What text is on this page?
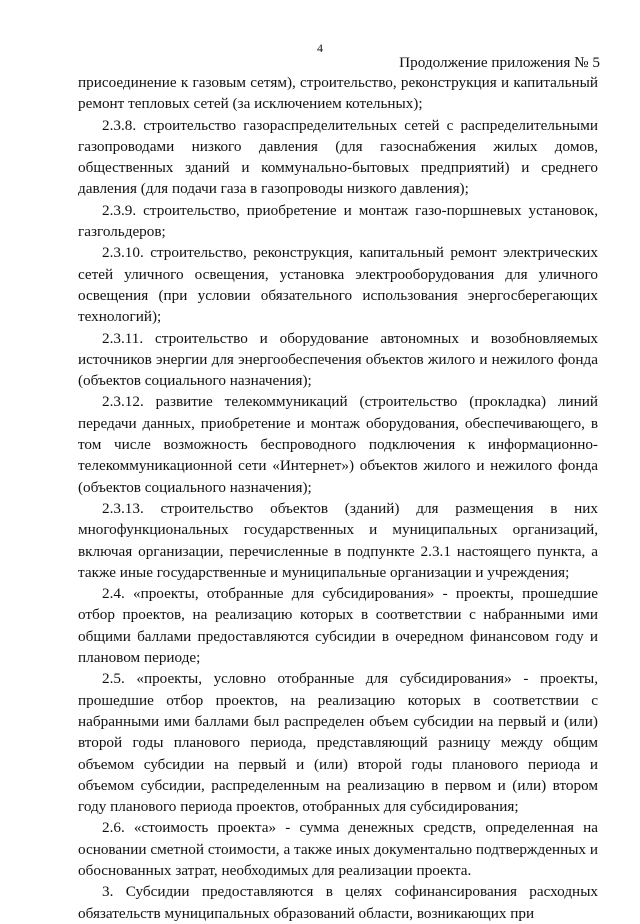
4
Продолжение приложения № 5

присоединение к газовым сетям), строительство, реконструкция и капитальный ремонт тепловых сетей (за исключением котельных);

2.3.8. строительство газораспределительных сетей с распределительными газопроводами низкого давления (для газоснабжения жилых домов, общественных зданий и коммунально-бытовых предприятий) и среднего давления (для подачи газа в газопроводы низкого давления);

2.3.9. строительство, приобретение и монтаж газо-поршневых установок, газгольдеров;

2.3.10. строительство, реконструкция, капитальный ремонт электрических сетей уличного освещения, установка электрооборудования для уличного освещения (при условии обязательного использования энергосберегающих технологий);

2.3.11. строительство и оборудование автономных и возобновляемых источников энергии для энергообеспечения объектов жилого и нежилого фонда (объектов социального назначения);

2.3.12. развитие телекоммуникаций (строительство (прокладка) линий передачи данных, приобретение и монтаж оборудования, обеспечивающего, в том числе возможность беспроводного подключения к информационно-телекоммуникационной сети «Интернет») объектов жилого и нежилого фонда (объектов социального назначения);

2.3.13. строительство объектов (зданий) для размещения в них многофункциональных государственных и муниципальных организаций, включая организации, перечисленные в подпункте 2.3.1 настоящего пункта, а также иные государственные и муниципальные организации и учреждения;

2.4. «проекты, отобранные для субсидирования» - проекты, прошедшие отбор проектов, на реализацию которых в соответствии с набранными ими общими баллами предоставляются субсидии в очередном финансовом году и плановом периоде;

2.5. «проекты, условно отобранные для субсидирования» - проекты, прошедшие отбор проектов, на реализацию которых в соответствии с набранными ими баллами был распределен объем субсидии на первый и (или) второй годы планового периода, представляющий разницу между общим объемом субсидии на первый и (или) второй годы планового периода и объемом субсидии, распределенным на реализацию в первом и (или) втором году планового периода проектов, отобранных для субсидирования;

2.6. «стоимость проекта» - сумма денежных средств, определенная на основании сметной стоимости, а также иных документально подтвержденных и обоснованных затрат, необходимых для реализации проекта.

3. Субсидии предоставляются в целях софинансирования расходных обязательств муниципальных образований области, возникающих при
